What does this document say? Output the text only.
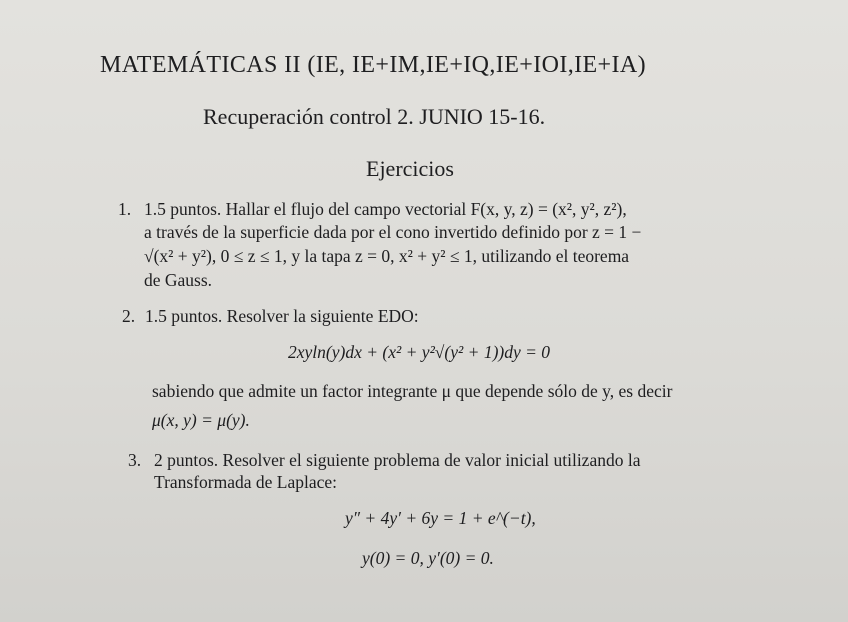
MATEMÁTICAS II (IE, IE+IM,IE+IQ,IE+IOI,IE+IA)
Recuperación control 2. JUNIO 15-16.
Ejercicios
1. 1.5 puntos. Hallar el flujo del campo vectorial F(x, y, z) = (x², y², z²),
a través de la superficie dada por el cono invertido definido por z = 1 −
√(x² + y²), 0 ≤ z ≤ 1, y la tapa z = 0, x² + y² ≤ 1, utilizando el teorema
de Gauss.
2. 1.5 puntos. Resolver la siguiente EDO:
2xyln(y)dx + (x² + y²√(y² + 1))dy = 0
sabiendo que admite un factor integrante μ que depende sólo de y, es decir
μ(x, y) = μ(y).
3. 2 puntos. Resolver el siguiente problema de valor inicial utilizando la
Transformada de Laplace:
y″ + 4y′ + 6y = 1 + e^(−t),
y(0) = 0, y′(0) = 0.
